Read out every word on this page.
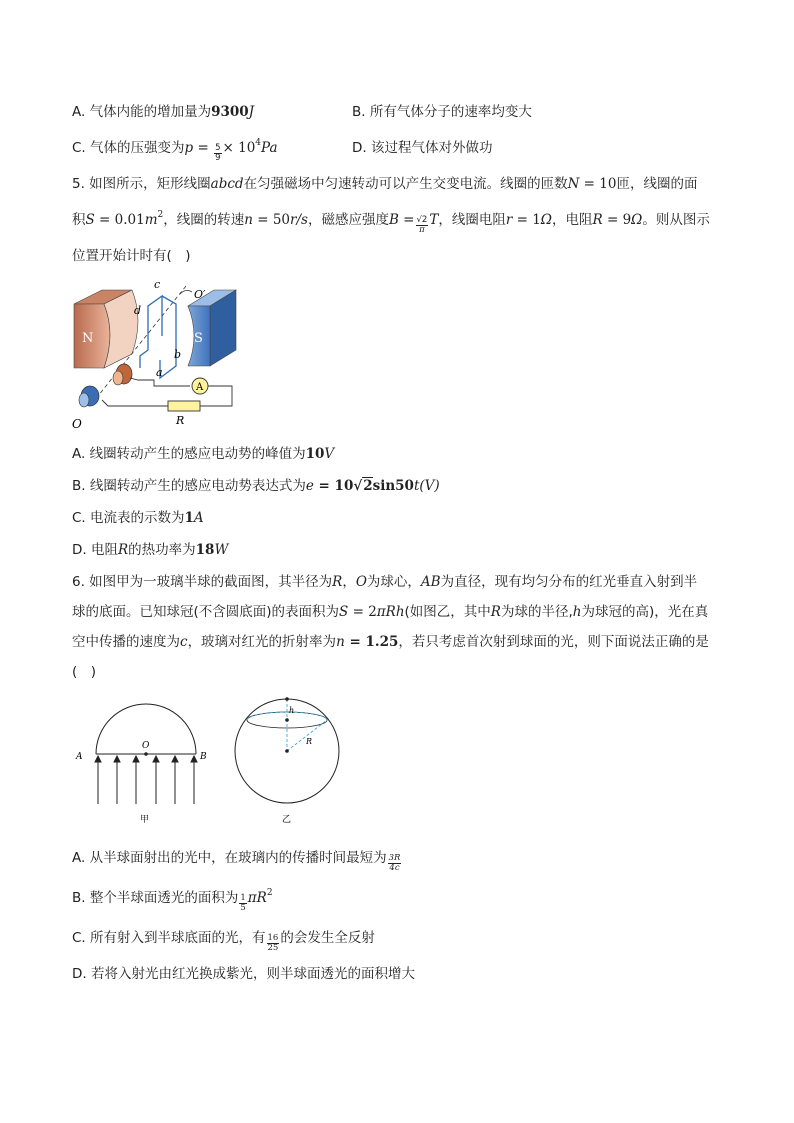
A. 气体内能的增加量为9300J	B. 所有气体分子的速率均变大
C. 气体的压强变为$p = \frac{5}{9} \times 10^4Pa$	D. 该过程气体对外做功
5. 如图所示，矩形线圈abcd在匀强磁场中匀速转动可以产生交变电流。线圈的匝数N = 10匝，线圈的面
积$S = 0.01m^2$，线圈的转速n = 50r/s，磁感应强度$B = \frac{√2}{\pi}$ T，线圈电阻r = 1Ω，电阻R = 9Ω。则从图示
位置开始计时有(　)
N	S
c
d
b
a
O′
O
A
R
A. 线圈转动产生的感应电动势的峰值为10V
B. 线圈转动产生的感应电动势表达式为e = 10√2sin50t(V)
C. 电流表的示数为1A
D. 电阻R的热功率为18W
6. 如图甲为一玻璃半球的截面图，其半径为R，O为球心，AB为直径，现有均匀分布的红光垂直入射到半
球的底面。已知球冠(不含圆底面)的表面积为S = 2πRh(如图乙，其中R为球的半径,h为球冠的高)，光在真
空中传播的速度为c，玻璃对红光的折射率为n = 1.25，若只考虑首次射到球面的光，则下面说法正确的是
(　)
A	B
O
甲
h
R
乙
A. 从半球面射出的光中，在玻璃内的传播时间最短为 $\frac{3R}{4c}$
B. 整个半球面透光的面积为 $\frac{1}{5} \pi R^2$
C. 所有射入到半球底面的光，有 $\frac{16}{25}$ 的会发生全反射
D. 若将入射光由红光换成紫光，则半球面透光的面积增大
